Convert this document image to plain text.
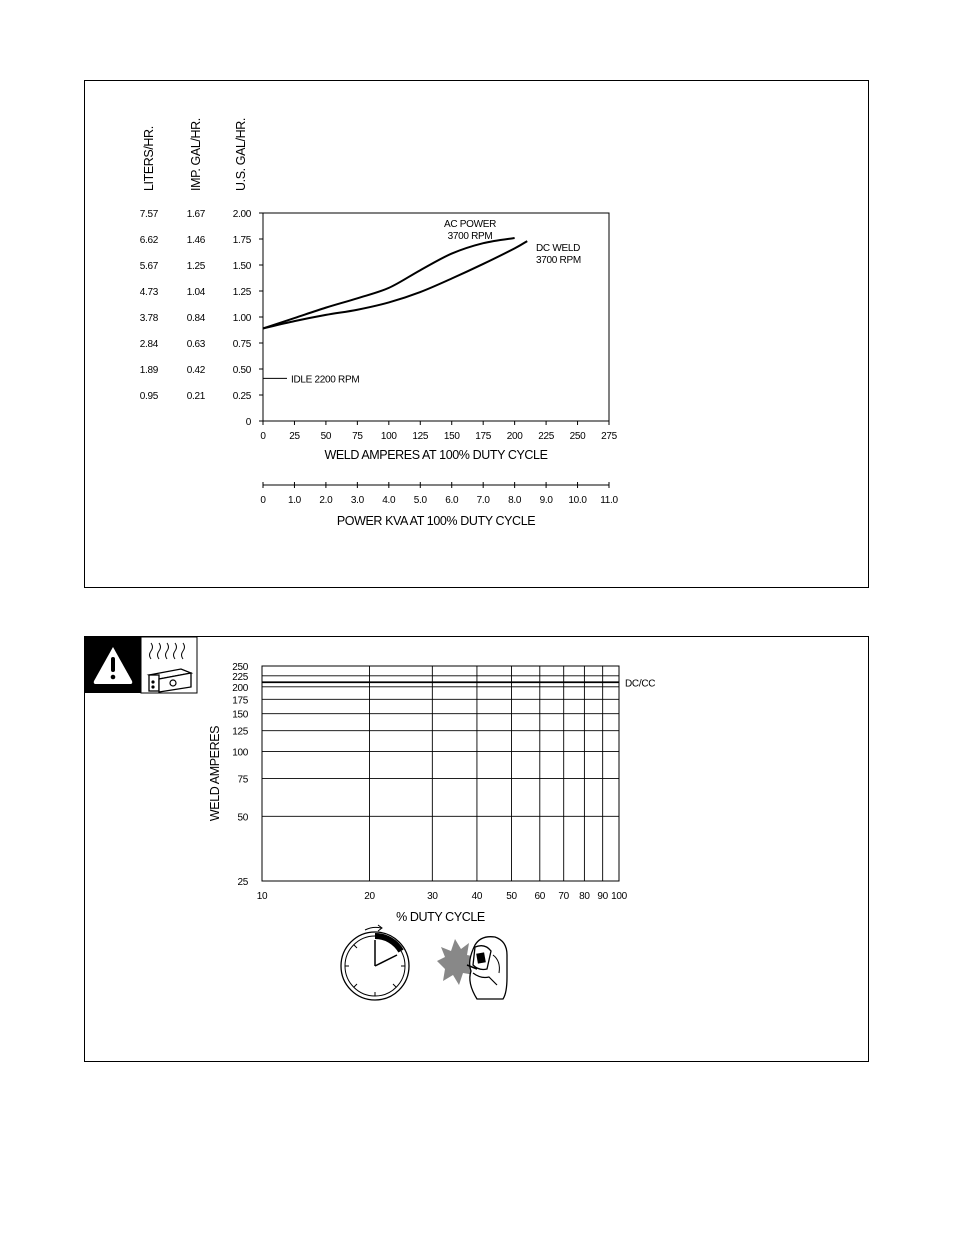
LITERS/HR.	IMP. GAL/HR. U.S. GAL/HR.
0
0.25
0.50
0.75
1.00
1.25
1.50
1.75
2.00
0.21
0.42
0.63
0.84
1.04
1.25
1.46
1.67
0.95
1.89
2.84
3.78
4.73
5.67
6.62
7.57
0 25 50 75 100 125 150 175 200 225 250 275
WELD AMPERES AT 100% DUTY CYCLE
0 1.0 2.0 3.0 4.0 5.0 6.0 7.0 8.0 9.0 10.0 11.0
POWER KVA AT 100% DUTY CYCLE
AC POWER
3700 RPM
DC WELD
3700 RPM
IDLE 2200 RPM
10	20	30	40 50 60 70 80 90 100
25
50
75
100
125
150
175
200
225
250
% DUTY CYCLE
WELD AMPERES
DC/CC
